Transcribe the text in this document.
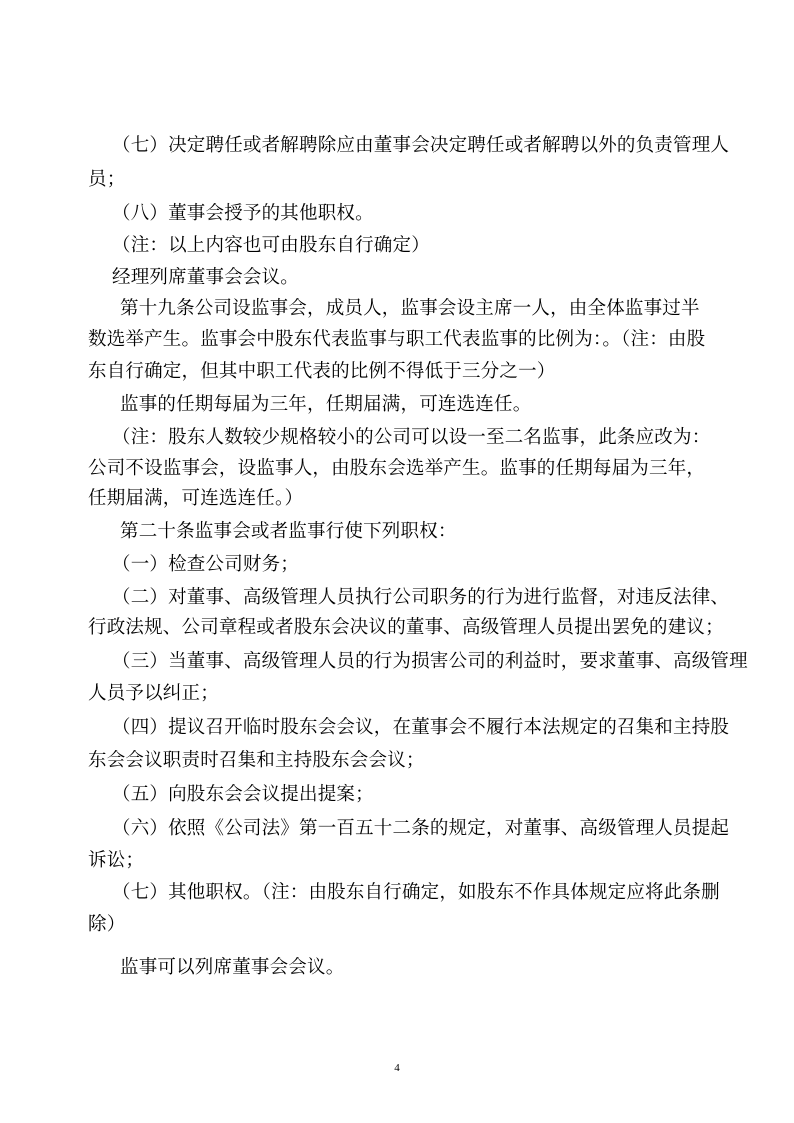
（七）决定聘任或者解聘除应由董事会决定聘任或者解聘以外的负责管理人
员；
（八）董事会授予的其他职权。
（注：以上内容也可由股东自行确定）
经理列席董事会会议。
第十九条公司设监事会，成员人，监事会设主席一人，由全体监事过半
数选举产生。监事会中股东代表监事与职工代表监事的比例为：。（注：由股
东自行确定，但其中职工代表的比例不得低于三分之一）
监事的任期每届为三年，任期届满，可连选连任。
（注：股东人数较少规格较小的公司可以设一至二名监事，此条应改为：
公司不设监事会，设监事人，由股东会选举产生。监事的任期每届为三年，
任期届满，可连选连任。）
第二十条监事会或者监事行使下列职权：
（一）检查公司财务；
（二）对董事、高级管理人员执行公司职务的行为进行监督，对违反法律、
行政法规、公司章程或者股东会决议的董事、高级管理人员提出罢免的建议；
（三）当董事、高级管理人员的行为损害公司的利益时，要求董事、高级管理
人员予以纠正；
（四）提议召开临时股东会会议，在董事会不履行本法规定的召集和主持股
东会会议职责时召集和主持股东会会议；
（五）向股东会会议提出提案；
（六）依照《公司法》第一百五十二条的规定，对董事、高级管理人员提起
诉讼；
（七）其他职权。（注：由股东自行确定，如股东不作具体规定应将此条删
除）
监事可以列席董事会会议。
4
